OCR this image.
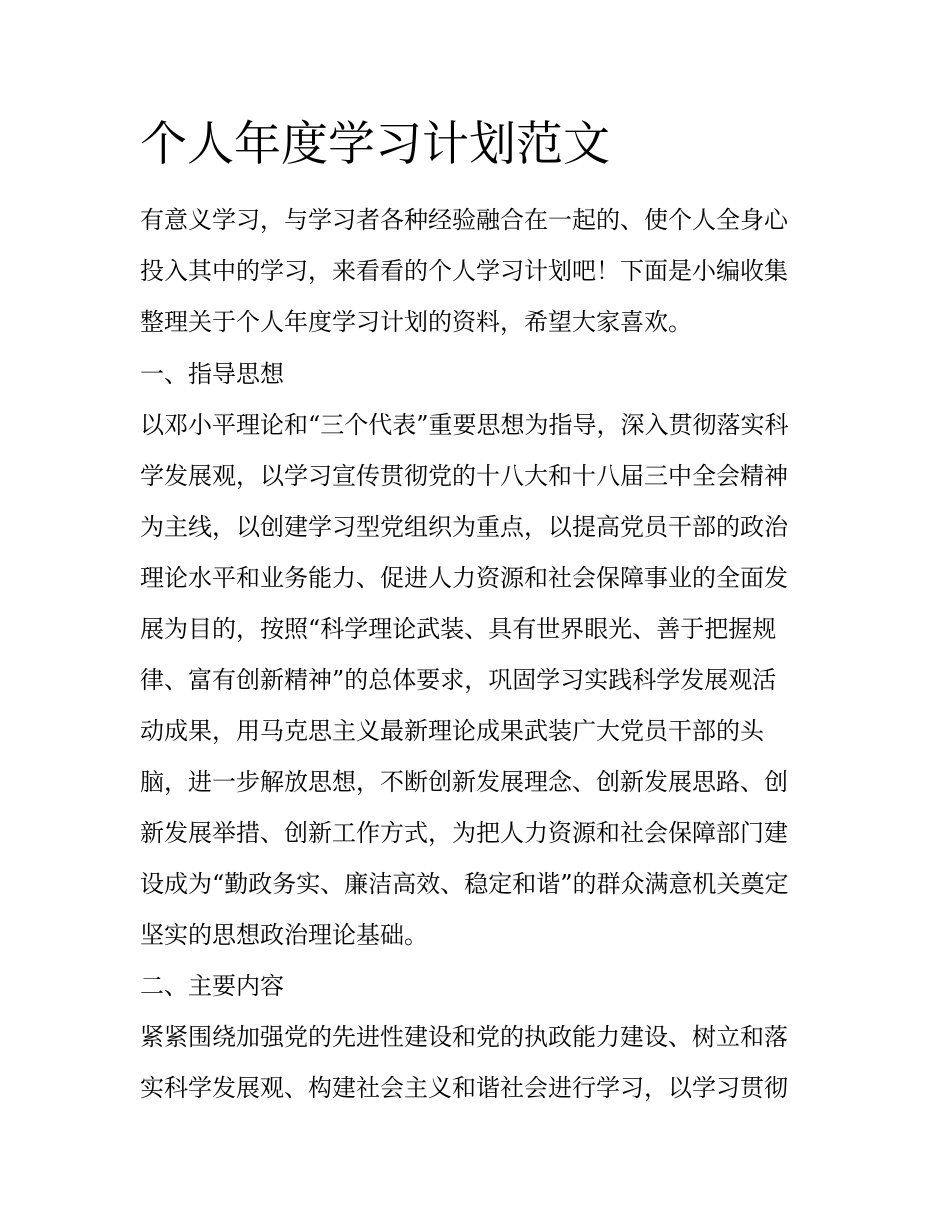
个人年度学习计划范文
有意义学习，与学习者各种经验融合在一起的、使个人全身心
投入其中的学习，来看看的个人学习计划吧！下面是小编收集
整理关于个人年度学习计划的资料，希望大家喜欢。
一、指导思想
以邓小平理论和“三个代表”重要思想为指导，深入贯彻落实科
学发展观，以学习宣传贯彻党的十八大和十八届三中全会精神
为主线，以创建学习型党组织为重点，以提高党员干部的政治
理论水平和业务能力、促进人力资源和社会保障事业的全面发
展为目的，按照“科学理论武装、具有世界眼光、善于把握规
律、富有创新精神”的总体要求，巩固学习实践科学发展观活
动成果，用马克思主义最新理论成果武装广大党员干部的头
脑，进一步解放思想，不断创新发展理念、创新发展思路、创
新发展举措、创新工作方式，为把人力资源和社会保障部门建
设成为“勤政务实、廉洁高效、稳定和谐”的群众满意机关奠定
坚实的思想政治理论基础。
二、主要内容
紧紧围绕加强党的先进性建设和党的执政能力建设、树立和落
实科学发展观、构建社会主义和谐社会进行学习，以学习贯彻
